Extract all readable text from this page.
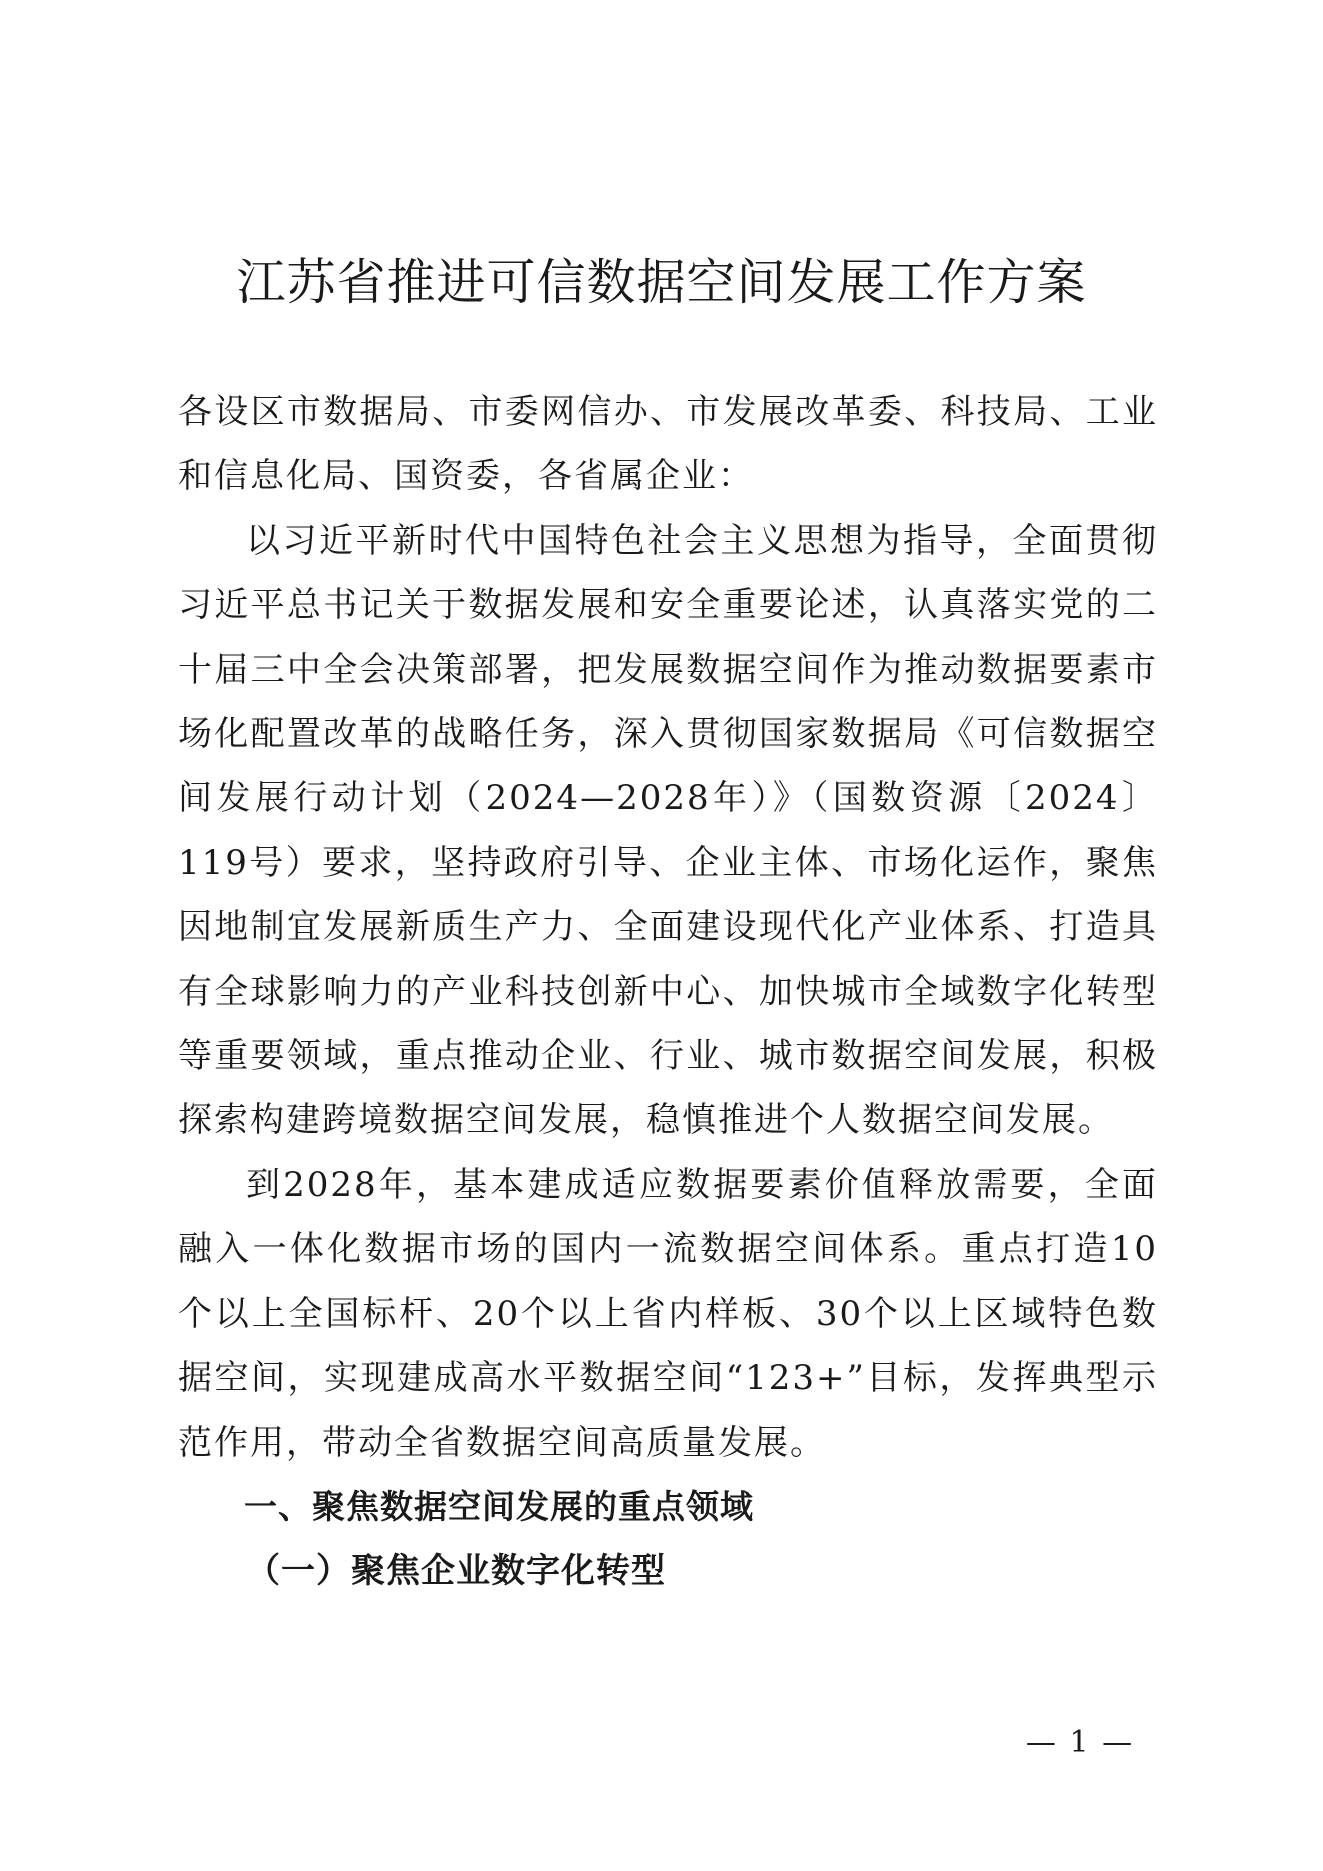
江苏省推进可信数据空间发展工作方案

各设区市数据局、市委网信办、市发展改革委、科技局、工业和信息化局、国资委，各省属企业：

以习近平新时代中国特色社会主义思想为指导，全面贯彻习近平总书记关于数据发展和安全重要论述，认真落实党的二十届三中全会决策部署，把发展数据空间作为推动数据要素市场化配置改革的战略任务，深入贯彻国家数据局《可信数据空间发展行动计划（2024—2028年）》（国数资源〔2024〕119号）要求，坚持政府引导、企业主体、市场化运作，聚焦因地制宜发展新质生产力、全面建设现代化产业体系、打造具有全球影响力的产业科技创新中心、加快城市全域数字化转型等重要领域，重点推动企业、行业、城市数据空间发展，积极探索构建跨境数据空间发展，稳慎推进个人数据空间发展。

到2028年，基本建成适应数据要素价值释放需要，全面融入一体化数据市场的国内一流数据空间体系。重点打造10个以上全国标杆、20个以上省内样板、30个以上区域特色数据空间，实现建成高水平数据空间“123+”目标，发挥典型示范作用，带动全省数据空间高质量发展。

一、聚焦数据空间发展的重点领域

（一）聚焦企业数字化转型

— 1 —
